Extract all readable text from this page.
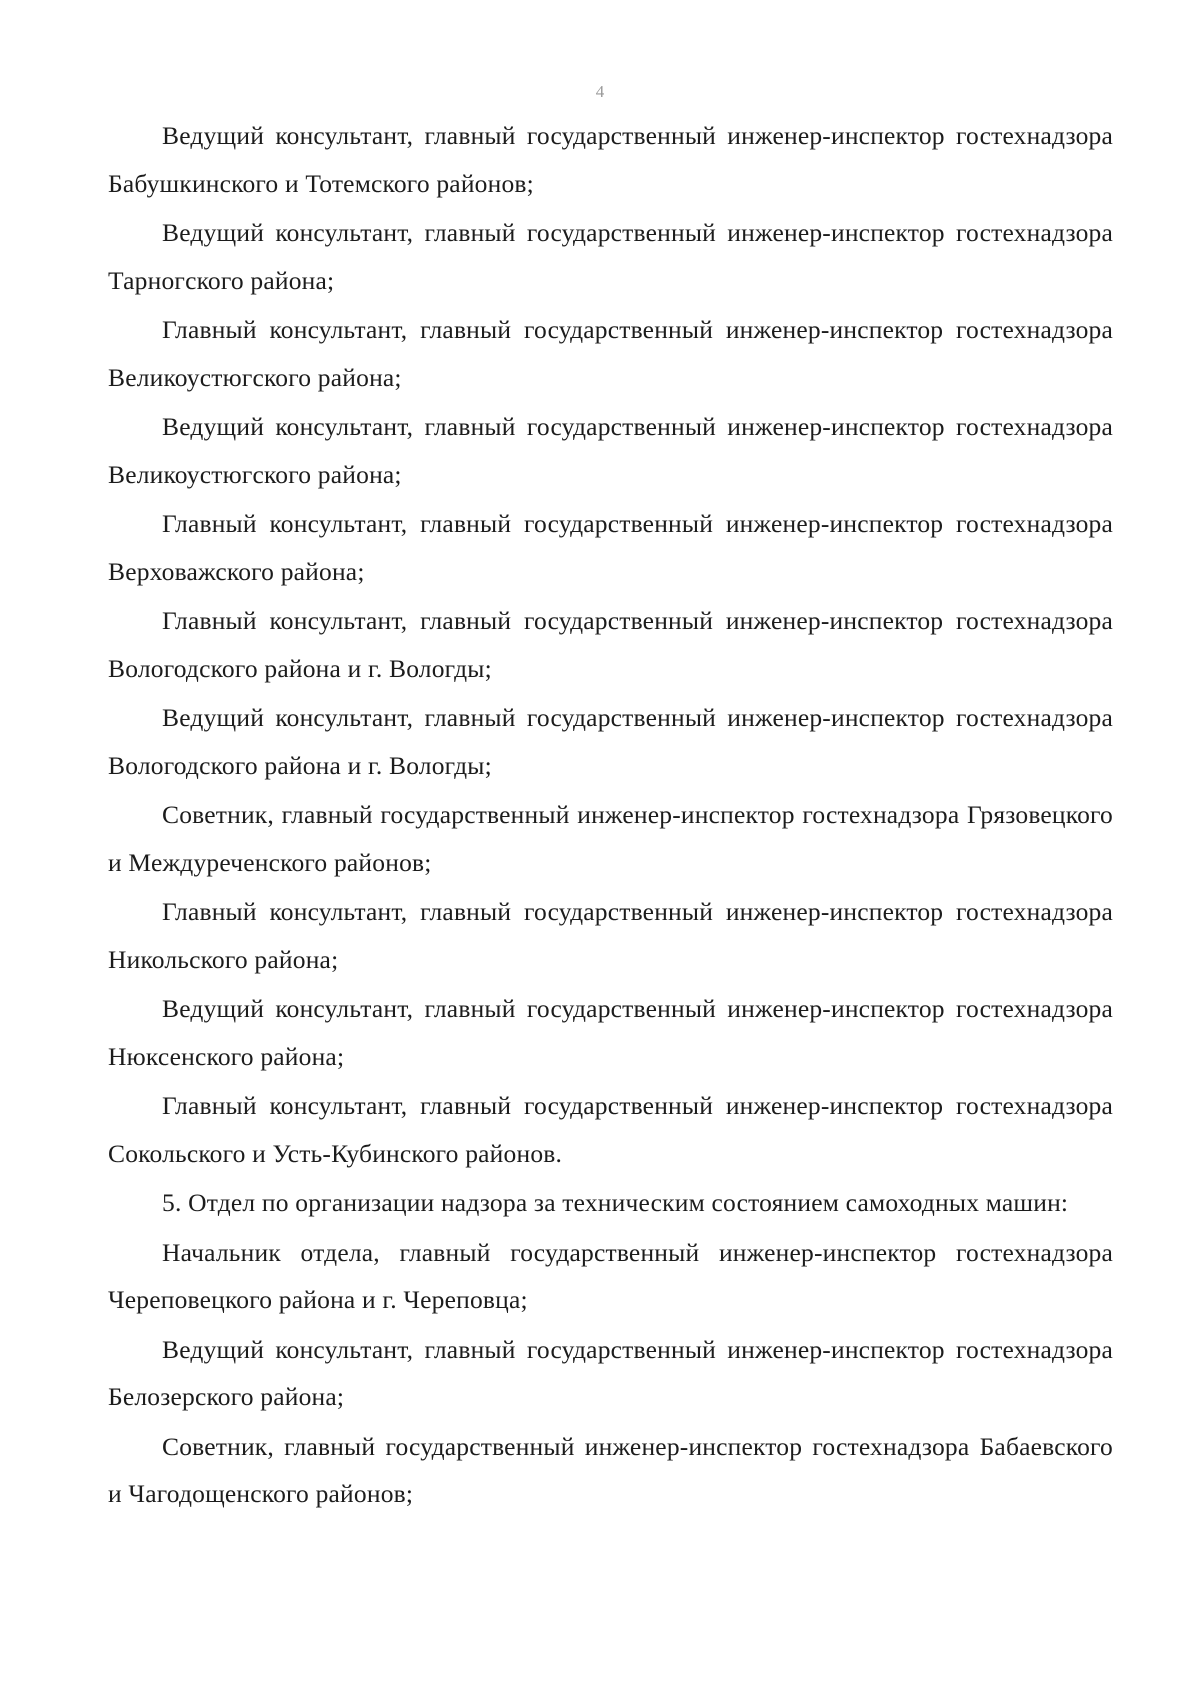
4

Ведущий консультант, главный государственный инженер-инспектор гостехнадзора Бабушкинского и Тотемского районов;

Ведущий консультант, главный государственный инженер-инспектор гостехнадзора Тарногского района;

Главный консультант, главный государственный инженер-инспектор гостехнадзора Великоустюгского района;

Ведущий консультант, главный государственный инженер-инспектор гостехнадзора Великоустюгского района;

Главный консультант, главный государственный инженер-инспектор гостехнадзора Верховажского района;

Главный консультант, главный государственный инженер-инспектор гостехнадзора Вологодского района и г. Вологды;

Ведущий консультант, главный государственный инженер-инспектор гостехнадзора Вологодского района и г. Вологды;

Советник, главный государственный инженер-инспектор гостехнадзора Грязовецкого и Междуреченского районов;

Главный консультант, главный государственный инженер-инспектор гостехнадзора Никольского района;

Ведущий консультант, главный государственный инженер-инспектор гостехнадзора Нюксенского района;

Главный консультант, главный государственный инженер-инспектор гостехнадзора Сокольского и Усть-Кубинского районов.

5. Отдел по организации надзора за техническим состоянием самоходных машин:

Начальник отдела, главный государственный инженер-инспектор гостехнадзора Череповецкого района и г. Череповца;

Ведущий консультант, главный государственный инженер-инспектор гостехнадзора Белозерского района;

Советник, главный государственный инженер-инспектор гостехнадзора Бабаевского и Чагодощенского районов;
